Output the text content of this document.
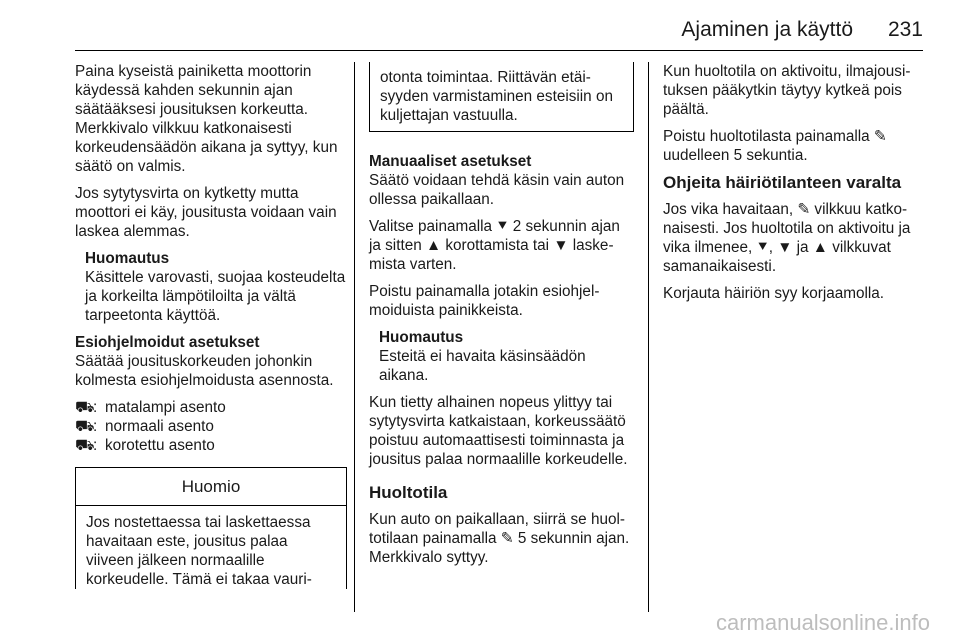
Ajaminen ja käyttö 231

Paina kyseistä painiketta moottorin käydessä kahden sekunnin ajan säätääksesi jousituksen korkeutta. Merkkivalo vilkkuu katkonaisesti korkeudensäädön aikana ja syttyy, kun säätö on valmis.

Jos sytytysvirta on kytketty mutta moottori ei käy, jousitusta voidaan vain laskea alemmas.

Huomautus
Käsittele varovasti, suojaa kosteudelta ja korkeilta lämpötiloilta ja vältä tarpeetonta käyttöä.

Esiohjelmoidut asetukset

Säätää jousituskorkeuden johonkin kolmesta esiohjelmoidusta asennosta.

⛟
: matalampi asento
⛟
: normaali asento
⛟
: korotettu asento
Huomio
Jos nostettaessa tai laskettaessa havaitaan este, jousitus palaa viiveen jälkeen normaalille korkeudelle. Tämä ei takaa vauri-
otonta toimintaa. Riittävän etäisyyden varmistaminen esteisiin on kuljettajan vastuulla.

Manuaaliset asetukset

Säätö voidaan tehdä käsin vain auton ollessa paikallaan.

Valitse painamalla ⯆ 2 sekunnin ajan ja sitten ▲ korottamista tai ▼ laskemista varten.

Poistu painamalla jotakin esiohjelmoiduista painikkeista.

Huomautus
Esteitä ei havaita käsinsäädön aikana.

Kun tietty alhainen nopeus ylittyy tai sytytysvirta katkaistaan, korkeussäätö poistuu automaattisesti toiminnasta ja jousitus palaa normaalille korkeudelle.

Huoltotila

Kun auto on paikallaan, siirrä se huoltotilaan painamalla ✎ 5 sekunnin ajan. Merkkivalo syttyy.

Kun huoltotila on aktivoitu, ilmajousituksen pääkytkin täytyy kytkeä pois päältä.

Poistu huoltotilasta painamalla ✎ uudelleen 5 sekuntia.

Ohjeita häiriötilanteen varalta

Jos vika havaitaan, ✎ vilkkuu katkonaisesti. Jos huoltotila on aktivoitu ja vika ilmenee, ⯆, ▼ ja ▲ vilkkuvat samanaikaisesti.

Korjauta häiriön syy korjaamolla.

carmanualsonline.info
